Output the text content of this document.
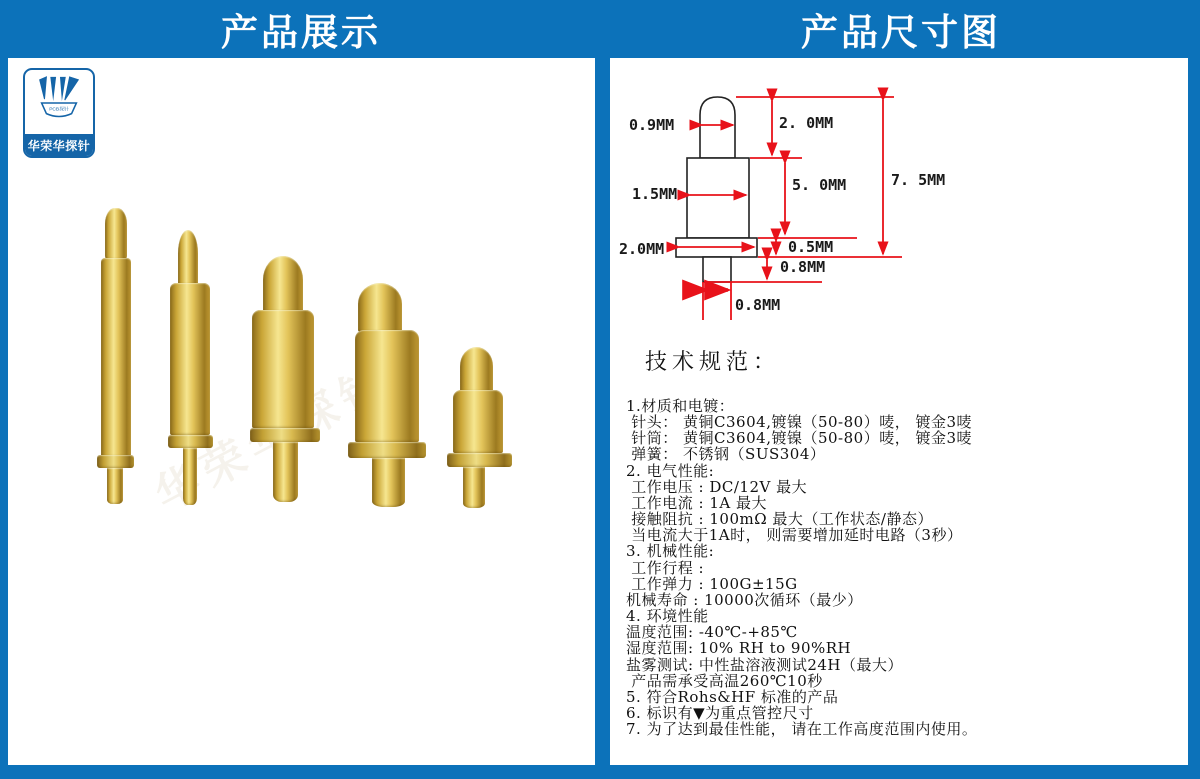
产品展示	产品尺寸图
PCB探针
华荣华探针
0.9MM	2. 0MM
7. 5MM
1.5MM	5. 0MM
2.0MM	0.5MM
0.8MM
0.8MM
技术规范：
1.材质和电镀：
针头： 黄铜C3604,镀镍（50-80）唛， 镀金3唛
针筒： 黄铜C3604,镀镍（50-80）唛， 镀金3唛
弹簧： 不锈钢（SUS304）
2. 电气性能:
工作电压 : DC/12V 最大
工作电流 : 1A 最大
接触阻抗 : 100mΩ 最大（工作状态/静态）
当电流大于1A时， 则需要增加延时电路（3秒）
3. 机械性能:
工作行程 :
工作弹力 : 100G±15G
机械寿命 : 10000次循环（最少）
4. 环境性能
温度范围: -40℃-+85℃
湿度范围: 10% RH to 90%RH
盐雾测试: 中性盐溶液测试24H（最大）
产品需承受高温260℃10秒
5. 符合Rohs&HF 标准的产品
6. 标识有▼为重点管控尺寸
7. 为了达到最佳性能， 请在工作高度范围内使用。
